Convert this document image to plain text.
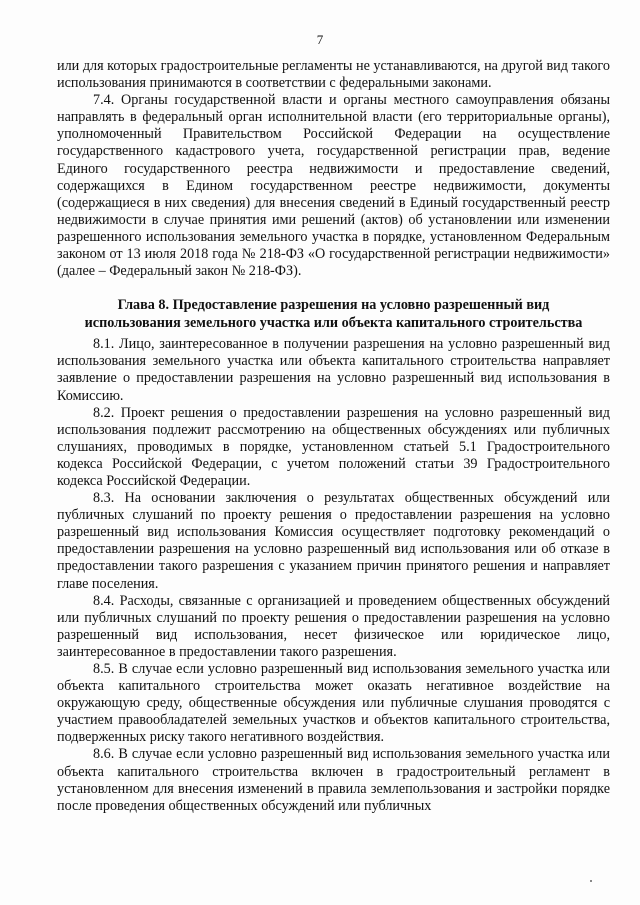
7

или для которых градостроительные регламенты не устанавливаются, на другой вид такого использования принимаются в соответствии с федеральными законами.

7.4. Органы государственной власти и органы местного самоуправления обязаны направлять в федеральный орган исполнительной власти (его территориальные органы), уполномоченный Правительством Российской Федерации на осуществление государственного кадастрового учета, государственной регистрации прав, ведение Единого государственного реестра недвижимости и предоставление сведений, содержащихся в Едином государственном реестре недвижимости, документы (содержащиеся в них сведения) для внесения сведений в Единый государственный реестр недвижимости в случае принятия ими решений (актов) об установлении или изменении разрешенного использования земельного участка в порядке, установленном Федеральным законом от 13 июля 2018 года № 218-ФЗ «О государственной регистрации недвижимости» (далее – Федеральный закон № 218-ФЗ).

Глава 8. Предоставление разрешения на условно разрешенный вид
использования земельного участка или объекта капитального строительства

8.1. Лицо, заинтересованное в получении разрешения на условно разрешенный вид использования земельного участка или объекта капитального строительства направляет заявление о предоставлении разрешения на условно разрешенный вид использования в Комиссию.

8.2. Проект решения о предоставлении разрешения на условно разрешенный вид использования подлежит рассмотрению на общественных обсуждениях или публичных слушаниях, проводимых в порядке, установленном статьей 5.1 Градостроительного кодекса Российской Федерации, с учетом положений статьи 39 Градостроительного кодекса Российской Федерации.

8.3. На основании заключения о результатах общественных обсуждений или публичных слушаний по проекту решения о предоставлении разрешения на условно разрешенный вид использования Комиссия осуществляет подготовку рекомендаций о предоставлении разрешения на условно разрешенный вид использования или об отказе в предоставлении такого разрешения с указанием причин принятого решения и направляет главе поселения.

8.4. Расходы, связанные с организацией и проведением общественных обсуждений или публичных слушаний по проекту решения о предоставлении разрешения на условно разрешенный вид использования, несет физическое или юридическое лицо, заинтересованное в предоставлении такого разрешения.

8.5. В случае если условно разрешенный вид использования земельного участка или объекта капитального строительства может оказать негативное воздействие на окружающую среду, общественные обсуждения или публичные слушания проводятся с участием правообладателей земельных участков и объектов капитального строительства, подверженных риску такого негативного воздействия.

8.6. В случае если условно разрешенный вид использования земельного участка или объекта капитального строительства включен в градостроительный регламент в установленном для внесения изменений в правила землепользования и застройки порядке после проведения общественных обсуждений или публичных
